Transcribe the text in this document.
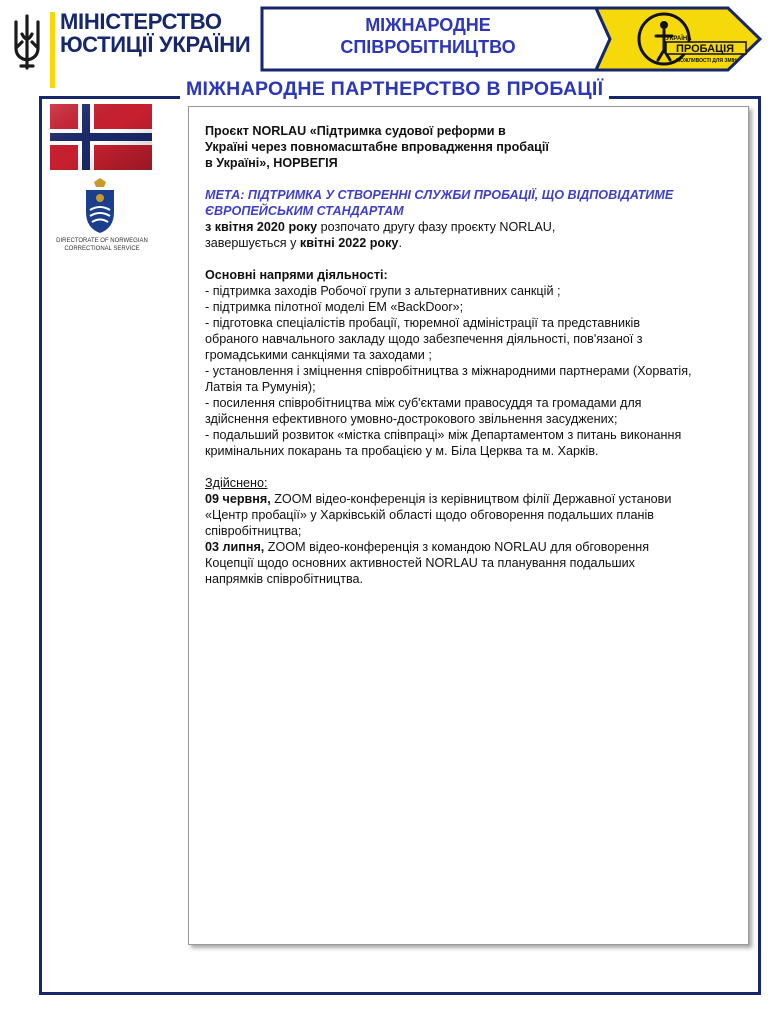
МІНІСТЕРСТВО
ЮСТИЦІЇ УКРАЇНИ
МІЖНАРОДНЕ
СПІВРОБІТНИЦТВО	УКРАЇНА
ПРОБАЦІЯ
МОЖЛИВОСТІ ДЛЯ ЗМІН
МІЖНАРОДНЕ ПАРТНЕРСТВО В ПРОБАЦІЇ
DIRECTORATE OF NORWEGIAN
CORRECTIONAL SERVICE

Проєкт NORLAU «Підтримка судової реформи в

Україні через повномасштабне впровадження пробації

в Україні», НОРВЕГІЯ

МЕТА: ПІДТРИМКА У СТВОРЕННІ СЛУЖБИ ПРОБАЦІЇ, ЩО ВІДПОВІДАТИМЕ

ЄВРОПЕЙСЬКИМ СТАНДАРТАМ

з квітня 2020 року розпочато другу фазу проєкту NORLAU,

завершується у квітні 2022 року.

Основні напрями діяльності:

- підтримка заходів Робочої групи з альтернативних санкцій ;

- підтримка пілотної моделі ЕМ «BackDoor»;

- підготовка спеціалістів пробації, тюремної адміністрації та представників

обраного навчального закладу щодо забезпечення діяльності, пов'язаної з

громадськими санкціями та заходами ;

- установлення і зміцнення співробітництва з міжнародними партнерами (Хорватія,

Латвія та Румунія);

- посилення співробітництва між суб'єктами правосуддя та громадами для

здійснення ефективного умовно-дострокового звільнення засуджених;

- подальший розвиток «містка співпраці» між Департаментом з питань виконання

кримінальних покарань та пробацією у м. Біла Церква та м. Харків.

Здійснено:

09 червня, ZOOM відео-конференція із керівництвом філії Державної установи

«Центр пробації» у Харківській області щодо обговорення подальших планів

співробітництва;

03 липня, ZOOM відео-конференція з командою NORLAU для обговорення

Коцепції щодо основних активностей NORLAU та планування подальших

напрямків співробітництва.
